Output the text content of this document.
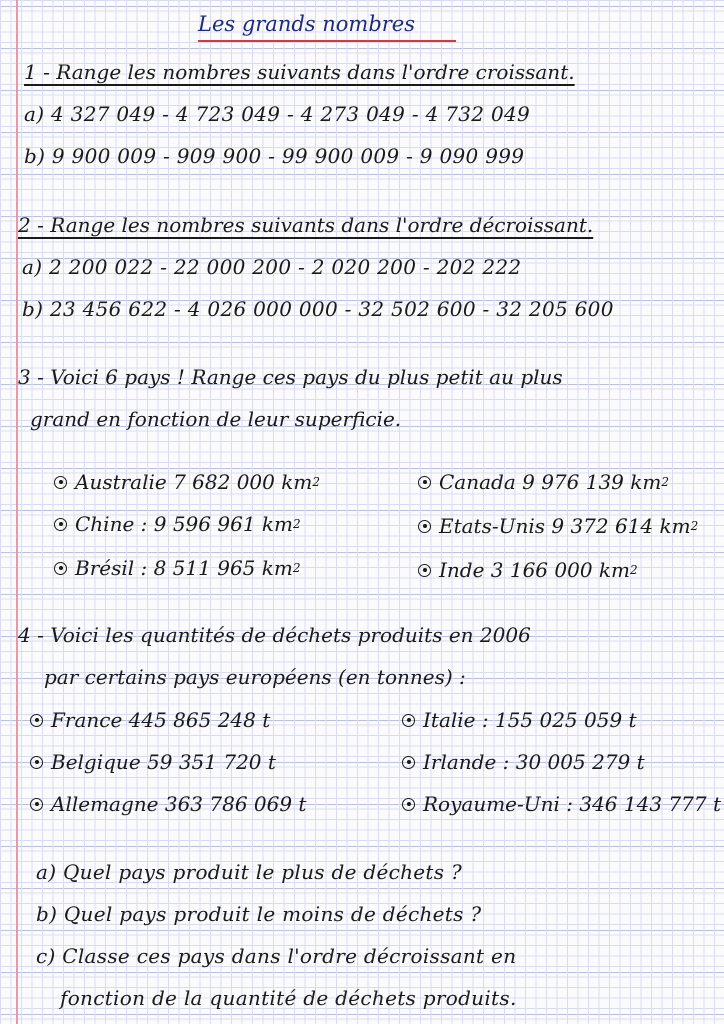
Les grands nombres
1 - Range les nombres suivants dans l'ordre croissant.
a) 4 327 049 - 4 723 049 - 4 273 049 - 4 732 049
b) 9 900 009 - 909 900 - 99 900 009 - 9 090 999
2 - Range les nombres suivants dans l'ordre décroissant.
a) 2 200 022 - 22 000 200 - 2 020 200 - 202 222
b) 23 456 622 - 4 026 000 000 - 32 502 600 - 32 205 600
3 - Voici 6 pays ! Range ces pays du plus petit au plus
grand en fonction de leur superficie.
Australie 7 682 000 km 2
Chine : 9 596 961 km 2
Brésil : 8 511 965 km 2
Canada 9 976 139 km 2
Etats-Unis 9 372 614 km 2
Inde 3 166 000 km 2
4 - Voici les quantités de déchets produits en 2006
par certains pays européens (en tonnes) :
France 445 865 248 t
Belgique 59 351 720 t
Allemagne 363 786 069 t
Italie : 155 025 059 t
Irlande : 30 005 279 t
Royaume-Uni : 346 143 777 t
a) Quel pays produit le plus de déchets ?
b) Quel pays produit le moins de déchets ?
c) Classe ces pays dans l'ordre décroissant en
fonction de la quantité de déchets produits.
